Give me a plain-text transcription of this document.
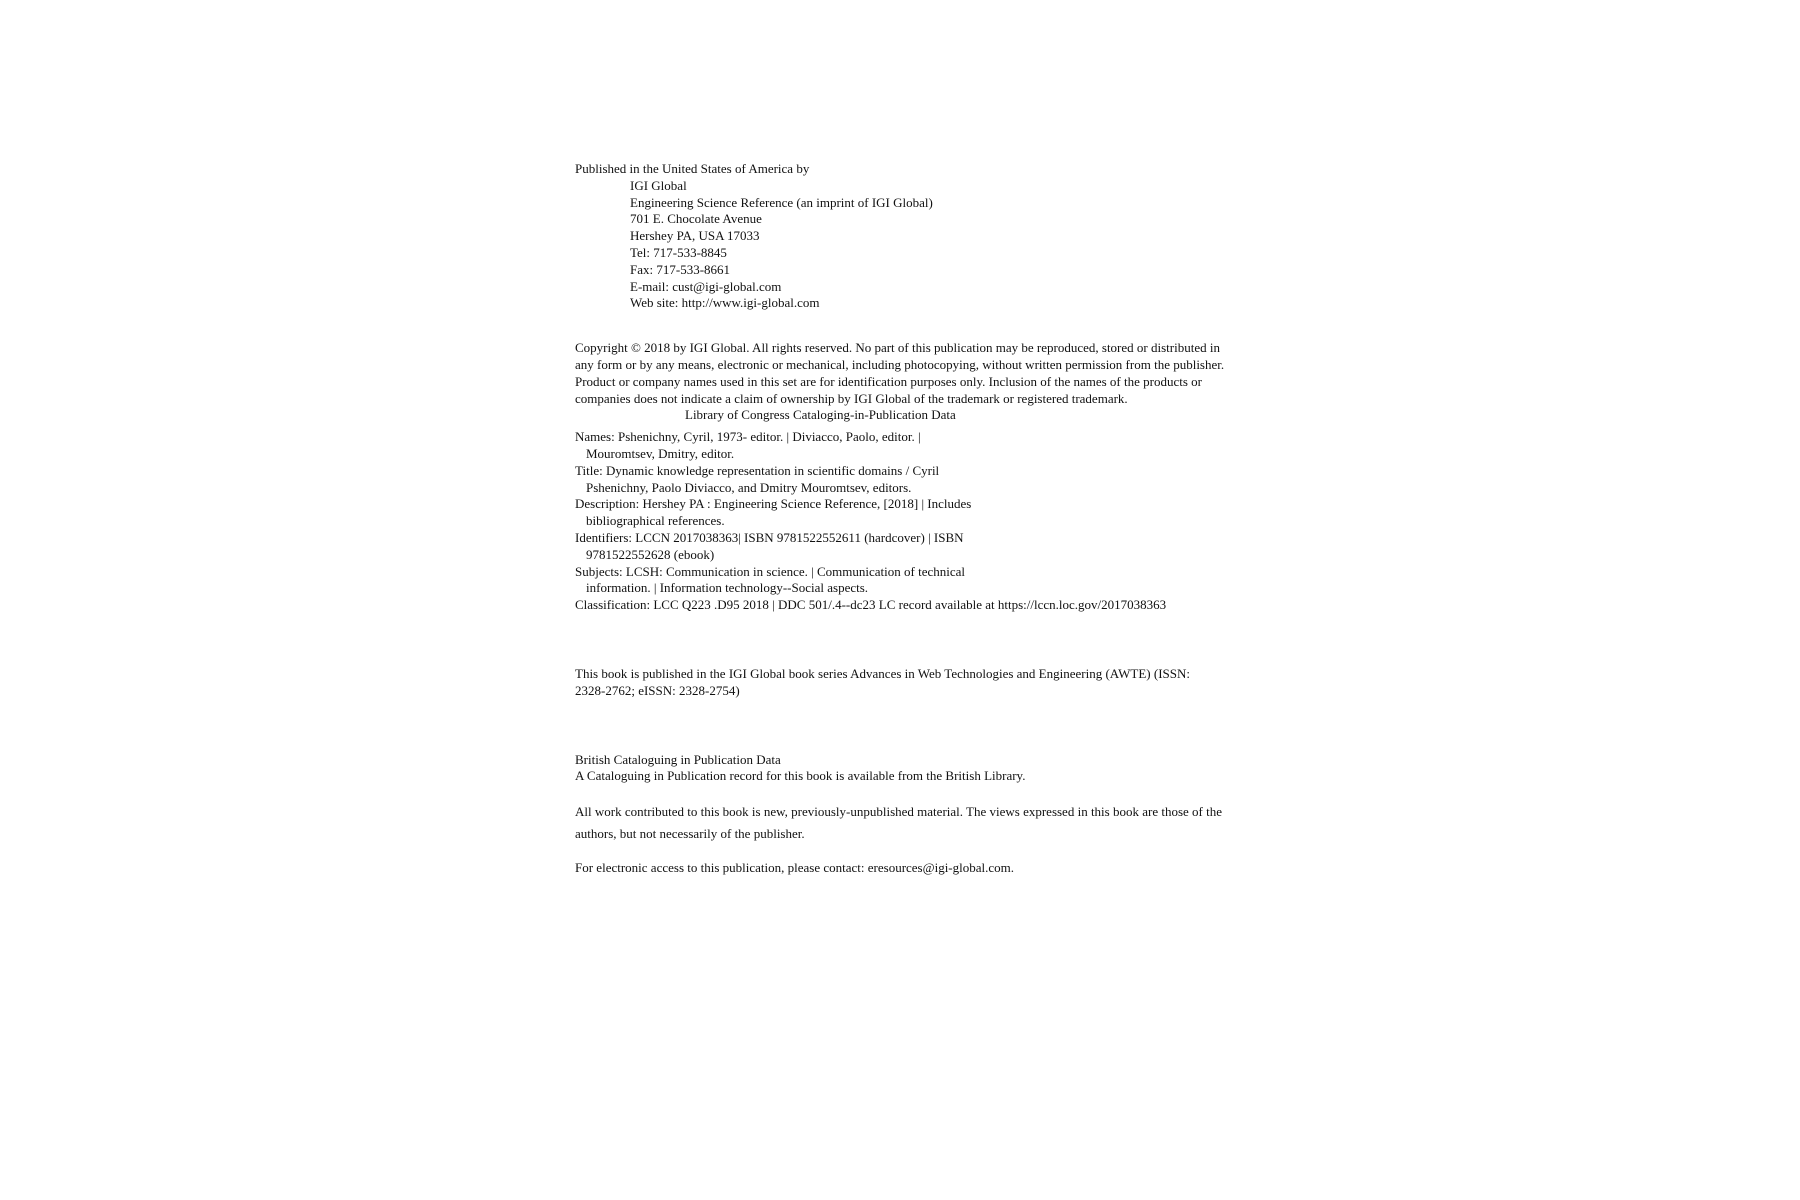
Published in the United States of America by
IGI Global
Engineering Science Reference (an imprint of IGI Global)
701 E. Chocolate Avenue
Hershey PA, USA 17033
Tel: 717-533-8845
Fax: 717-533-8661
E-mail: cust@igi-global.com
Web site: http://www.igi-global.com
Copyright © 2018 by IGI Global. All rights reserved. No part of this publication may be reproduced, stored or distributed in
any form or by any means, electronic or mechanical, including photocopying, without written permission from the publisher.
Product or company names used in this set are for identification purposes only. Inclusion of the names of the products or
companies does not indicate a claim of ownership by IGI Global of the trademark or registered trademark.
Library of Congress Cataloging-in-Publication Data
Names: Pshenichny, Cyril, 1973- editor. | Diviacco, Paolo, editor. |
Mouromtsev, Dmitry, editor.
Title: Dynamic knowledge representation in scientific domains / Cyril
Pshenichny, Paolo Diviacco, and Dmitry Mouromtsev, editors.
Description: Hershey PA : Engineering Science Reference, [2018] | Includes
bibliographical references.
Identifiers: LCCN 2017038363| ISBN 9781522552611 (hardcover) | ISBN
9781522552628 (ebook)
Subjects: LCSH: Communication in science. | Communication of technical
information. | Information technology--Social aspects.
Classification: LCC Q223 .D95 2018 | DDC 501/.4--dc23 LC record available at https://lccn.loc.gov/2017038363
This book is published in the IGI Global book series Advances in Web Technologies and Engineering (AWTE) (ISSN:
2328-2762; eISSN: 2328-2754)
British Cataloguing in Publication Data
A Cataloguing in Publication record for this book is available from the British Library.
All work contributed to this book is new, previously-unpublished material. The views expressed in this book are those of the
authors, but not necessarily of the publisher.
For electronic access to this publication, please contact: eresources@igi-global.com.
